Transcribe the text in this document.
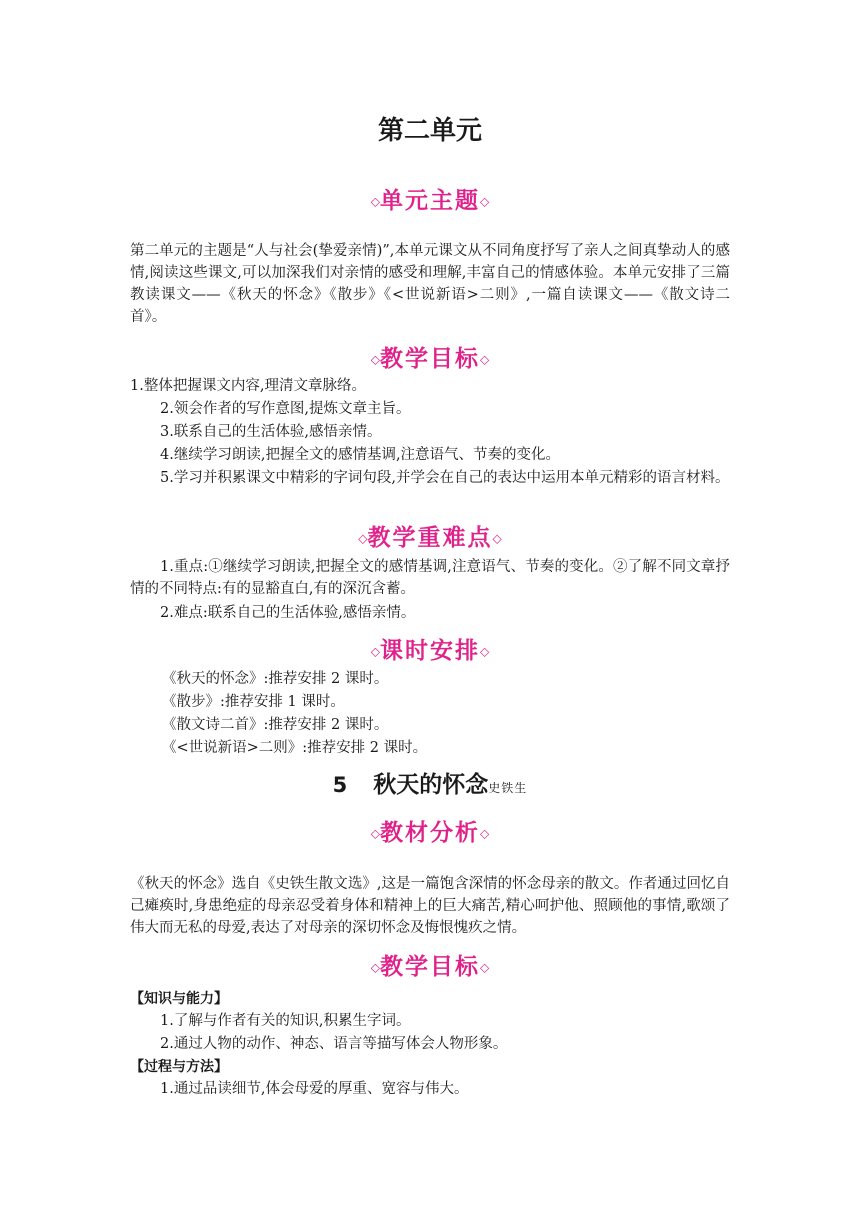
第二单元
◇单元主题◇
第二单元的主题是“人与社会(挚爱亲情)”,本单元课文从不同角度抒写了亲人之间真挚动人的感情,阅读这些课文,可以加深我们对亲情的感受和理解,丰富自己的情感体验。本单元安排了三篇教读课文——《秋天的怀念》《散步》《<世说新语>二则》,一篇自读课文——《散文诗二首》。
◇教学目标◇
1.整体把握课文内容,理清文章脉络。
2.领会作者的写作意图,提炼文章主旨。
3.联系自己的生活体验,感悟亲情。
4.继续学习朗读,把握全文的感情基调,注意语气、节奏的变化。
5.学习并积累课文中精彩的字词句段,并学会在自己的表达中运用本单元精彩的语言材料。
◇教学重难点◇
1.重点:①继续学习朗读,把握全文的感情基调,注意语气、节奏的变化。②了解不同文章抒情的不同特点:有的显豁直白,有的深沉含蓄。
2.难点:联系自己的生活体验,感悟亲情。
◇课时安排◇
《秋天的怀念》:推荐安排 2 课时。
《散步》:推荐安排 1 课时。
《散文诗二首》:推荐安排 2 课时。
《<世说新语>二则》:推荐安排 2 课时。
5 秋天的怀念史铁生
◇教材分析◇
《秋天的怀念》选自《史铁生散文选》,这是一篇饱含深情的怀念母亲的散文。作者通过回忆自己瘫痪时,身患绝症的母亲忍受着身体和精神上的巨大痛苦,精心呵护他、照顾他的事情,歌颂了伟大而无私的母爱,表达了对母亲的深切怀念及悔恨愧疚之情。
◇教学目标◇
【知识与能力】
1.了解与作者有关的知识,积累生字词。
2.通过人物的动作、神态、语言等描写体会人物形象。
【过程与方法】
1.通过品读细节,体会母爱的厚重、宽容与伟大。
